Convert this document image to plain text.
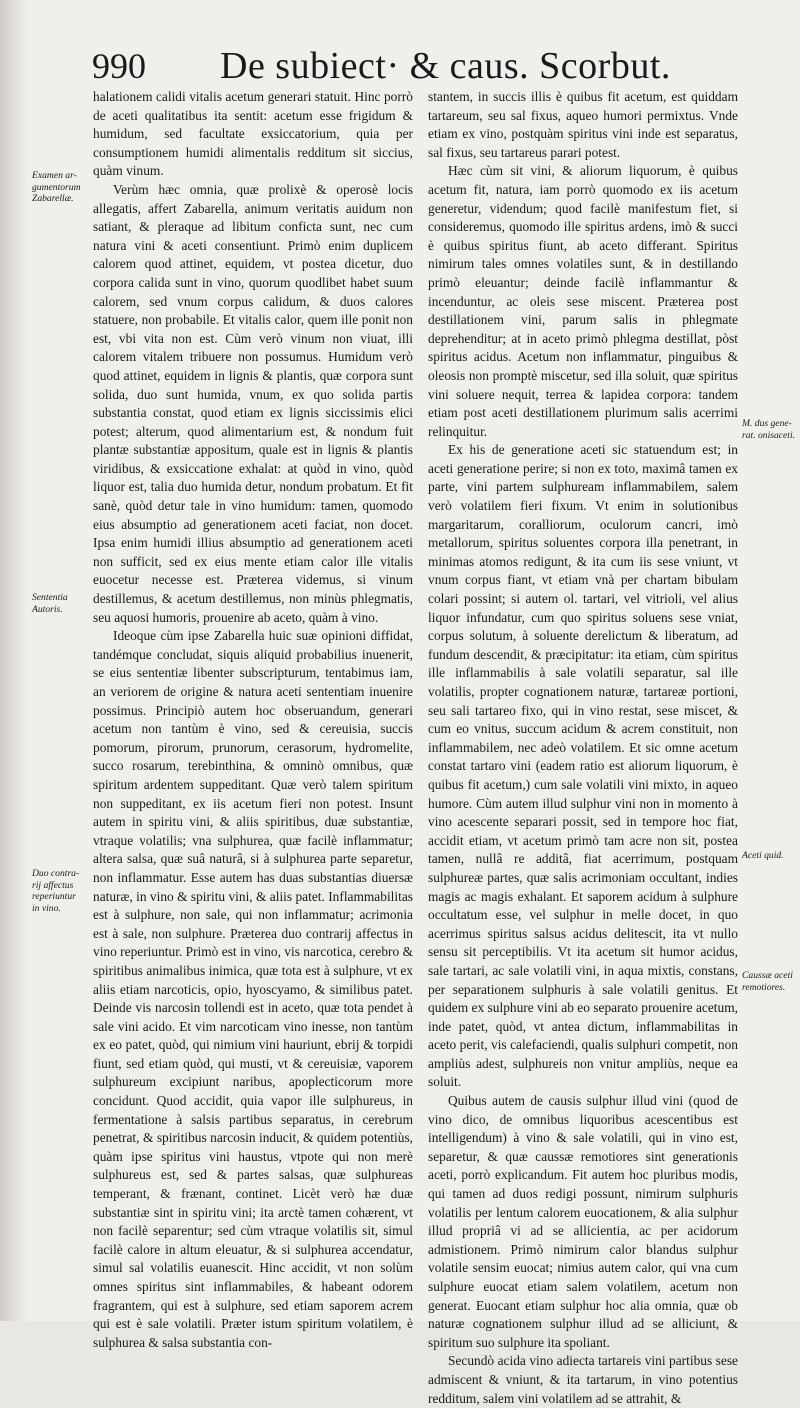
990 De subiect· & caus. Scorbut.
Examen ar-
gumentorum
Zabarellæ.
Sententia
Autoris.
Duo contra-
rij affectus
reperiuntur
in vino.
M. dus gene-
rat. onisaceti.
Aceti quid.
Caussæ aceti
remotiores.

halationem calidi vitalis acetum generari statuit. Hinc porrò de aceti qualitatibus ita sentit: acetum esse frigidum & humidum, sed facultate exsiccatorium, quia per consumptionem humidi alimentalis redditum sit siccius, quàm vinum.

Verùm hæc omnia, quæ prolixè & operosè locis allegatis, affert Zabarella, animum veritatis auidum non satiant, & pleraque ad libitum conficta sunt, nec cum natura vini & aceti consentiunt. Primò enim duplicem calorem quod attinet, equidem, vt postea dicetur, duo corpora calida sunt in vino, quorum quodlibet habet suum calorem, sed vnum corpus calidum, & duos calores statuere, non probabile. Et vitalis calor, quem ille ponit non est, vbi vita non est. Cùm verò vinum non viuat, illi calorem vitalem tribuere non possumus. Humidum verò quod attinet, equidem in lignis & plantis, quæ corpora sunt solida, duo sunt humida, vnum, ex quo solida partis substantia constat, quod etiam ex lignis siccissimis elici potest; alterum, quod alimentarium est, & nondum fuit plantæ substantiæ appositum, quale est in lignis & plantis viridibus, & exsiccatione exhalat: at quòd in vino, quòd liquor est, talia duo humida detur, nondum probatum. Et fit sanè, quòd detur tale in vino humidum: tamen, quomodo eius absumptio ad generationem aceti faciat, non docet. Ipsa enim humidi illius absumptio ad generationem aceti non sufficit, sed ex eius mente etiam calor ille vitalis euocetur necesse est. Præterea videmus, si vinum destillemus, & acetum destillemus, non minùs phlegmatis, seu aquosi humoris, prouenire ab aceto, quàm à vino.

Ideoque cùm ipse Zabarella huic suæ opinioni diffidat, tandémque concludat, siquis aliquid probabilius inuenerit, se eius sententiæ libenter subscripturum, tentabimus iam, an veriorem de origine & natura aceti sententiam inuenire possimus. Principiò autem hoc obseruandum, generari acetum non tantùm è vino, sed & cereuisia, succis pomorum, pirorum, prunorum, cerasorum, hydromelite, succo rosarum, terebinthina, & omninò omnibus, quæ spiritum ardentem suppeditant. Quæ verò talem spiritum non suppeditant, ex iis acetum fieri non potest. Insunt autem in spiritu vini, & aliis spiritibus, duæ substantiæ, vtraque volatilis; vna sulphurea, quæ facilè inflammatur; altera salsa, quæ suâ naturâ, si à sulphurea parte separetur, non inflammatur. Esse autem has duas substantias diuersæ naturæ, in vino & spiritu vini, & aliis patet. Inflammabilitas est à sulphure, non sale, qui non inflammatur; acrimonia est à sale, non sulphure. Præterea duo contrarij affectus in vino reperiuntur. Primò est in vino, vis narcotica, cerebro & spiritibus animalibus inimica, quæ tota est à sulphure, vt ex aliis etiam narcoticis, opio, hyoscyamo, & similibus patet. Deinde vis narcosin tollendi est in aceto, quæ tota pendet à sale vini acido. Et vim narcoticam vino inesse, non tantùm ex eo patet, quòd, qui nimium vini hauriunt, ebrij & torpidi fiunt, sed etiam quòd, qui musti, vt & cereuisiæ, vaporem sulphureum excipiunt naribus, apoplecticorum more concidunt. Quod accidit, quia vapor ille sulphureus, in fermentatione à salsis partibus separatus, in cerebrum penetrat, & spiritibus narcosin inducit, & quidem potentiùs, quàm ipse spiritus vini haustus, vtpote qui non merè sulphureus est, sed & partes salsas, quæ sulphureas temperant, & frænant, continet. Licèt verò hæ duæ substantiæ sint in spiritu vini; ita arctè tamen cohærent, vt non facilè separentur; sed cùm vtraque volatilis sit, simul facilè calore in altum eleuatur, & si sulphurea accendatur, simul sal volatilis euanescit. Hinc accidit, vt non solùm omnes spiritus sint inflammabiles, & habeant odorem fragrantem, qui est à sulphure, sed etiam saporem acrem qui est è sale volatili. Præter istum spiritum volatilem, è sulphurea & salsa substantia con-

stantem, in succis illis è quibus fit acetum, est quiddam tartareum, seu sal fixus, aqueo humori permixtus. Vnde etiam ex vino, postquàm spiritus vini inde est separatus, sal fixus, seu tartareus parari potest.

Hæc cùm sit vini, & aliorum liquorum, è quibus acetum fit, natura, iam porrò quomodo ex iis acetum generetur, videndum; quod facilè manifestum fiet, si consideremus, quomodo ille spiritus ardens, imò & succi è quibus spiritus fiunt, ab aceto differant. Spiritus nimirum tales omnes volatiles sunt, & in destillando primò eleuantur; deinde facilè inflammantur & incenduntur, ac oleis sese miscent. Præterea post destillationem vini, parum salis in phlegmate deprehenditur; at in aceto primò phlegma destillat, pòst spiritus acidus. Acetum non inflammatur, pinguibus & oleosis non promptè miscetur, sed illa soluit, quæ spiritus vini soluere nequit, terrea & lapidea corpora: tandem etiam post aceti destillationem plurimum salis acerrimi relinquitur.

Ex his de generatione aceti sic statuendum est; in aceti generatione perire; si non ex toto, maximâ tamen ex parte, vini partem sulphuream inflammabilem, salem verò volatilem fieri fixum. Vt enim in solutionibus margaritarum, coralliorum, oculorum cancri, imò metallorum, spiritus soluentes corpora illa penetrant, in minimas atomos redigunt, & ita cum iis sese vniunt, vt vnum corpus fiant, vt etiam vnà per chartam bibulam colari possint; si autem ol. tartari, vel vitrioli, vel alius liquor infundatur, cum quo spiritus soluens sese vniat, corpus solutum, à soluente derelictum & liberatum, ad fundum descendit, & præcipitatur: ita etiam, cùm spiritus ille inflammabilis à sale volatili separatur, sal ille volatilis, propter cognationem naturæ, tartareæ portioni, seu sali tartareo fixo, qui in vino restat, sese miscet, & cum eo vnitus, succum acidum & acrem constituit, non inflammabilem, nec adeò volatilem. Et sic omne acetum constat tartaro vini (eadem ratio est aliorum liquorum, è quibus fit acetum,) cum sale volatili vini mixto, in aqueo humore. Cùm autem illud sulphur vini non in momento à vino acescente separari possit, sed in tempore hoc fiat, accidit etiam, vt acetum primò tam acre non sit, postea tamen, nullâ re additâ, fiat acerrimum, postquam sulphureæ partes, quæ salis acrimoniam occultant, indies magis ac magis exhalant. Et saporem acidum à sulphure occultatum esse, vel sulphur in melle docet, in quo acerrimus spiritus salsus acidus delitescit, ita vt nullo sensu sit perceptibilis. Vt ita acetum sit humor acidus, sale tartari, ac sale volatili vini, in aqua mixtis, constans, per separationem sulphuris à sale volatili genitus. Et quidem ex sulphure vini ab eo separato prouenire acetum, inde patet, quòd, vt antea dictum, inflammabilitas in aceto perit, vis calefaciendi, qualis sulphuri competit, non ampliùs adest, sulphureis non vnitur ampliùs, neque ea soluit.

Quibus autem de causis sulphur illud vini (quod de vino dico, de omnibus liquoribus acescentibus est intelligendum) à vino & sale volatili, qui in vino est, separetur, & quæ caussæ remotiores sint generationis aceti, porrò explicandum. Fit autem hoc pluribus modis, qui tamen ad duos redigi possunt, nimirum sulphuris volatilis per lentum calorem euocationem, & alia sulphur illud propriâ vi ad se allicientia, ac per acidorum admistionem. Primò nimirum calor blandus sulphur volatile sensim euocat; nimius autem calor, qui vna cum sulphure euocat etiam salem volatilem, acetum non generat. Euocant etiam sulphur hoc alia omnia, quæ ob naturæ cognationem sulphur illud ad se alliciunt, & spiritum suo sulphure ita spoliant.

Secundò acida vino adiecta tartareis vini partibus sese admiscent & vniunt, & ita tartarum, in vino potentius redditum, salem vini volatilem ad se attrahit, &
